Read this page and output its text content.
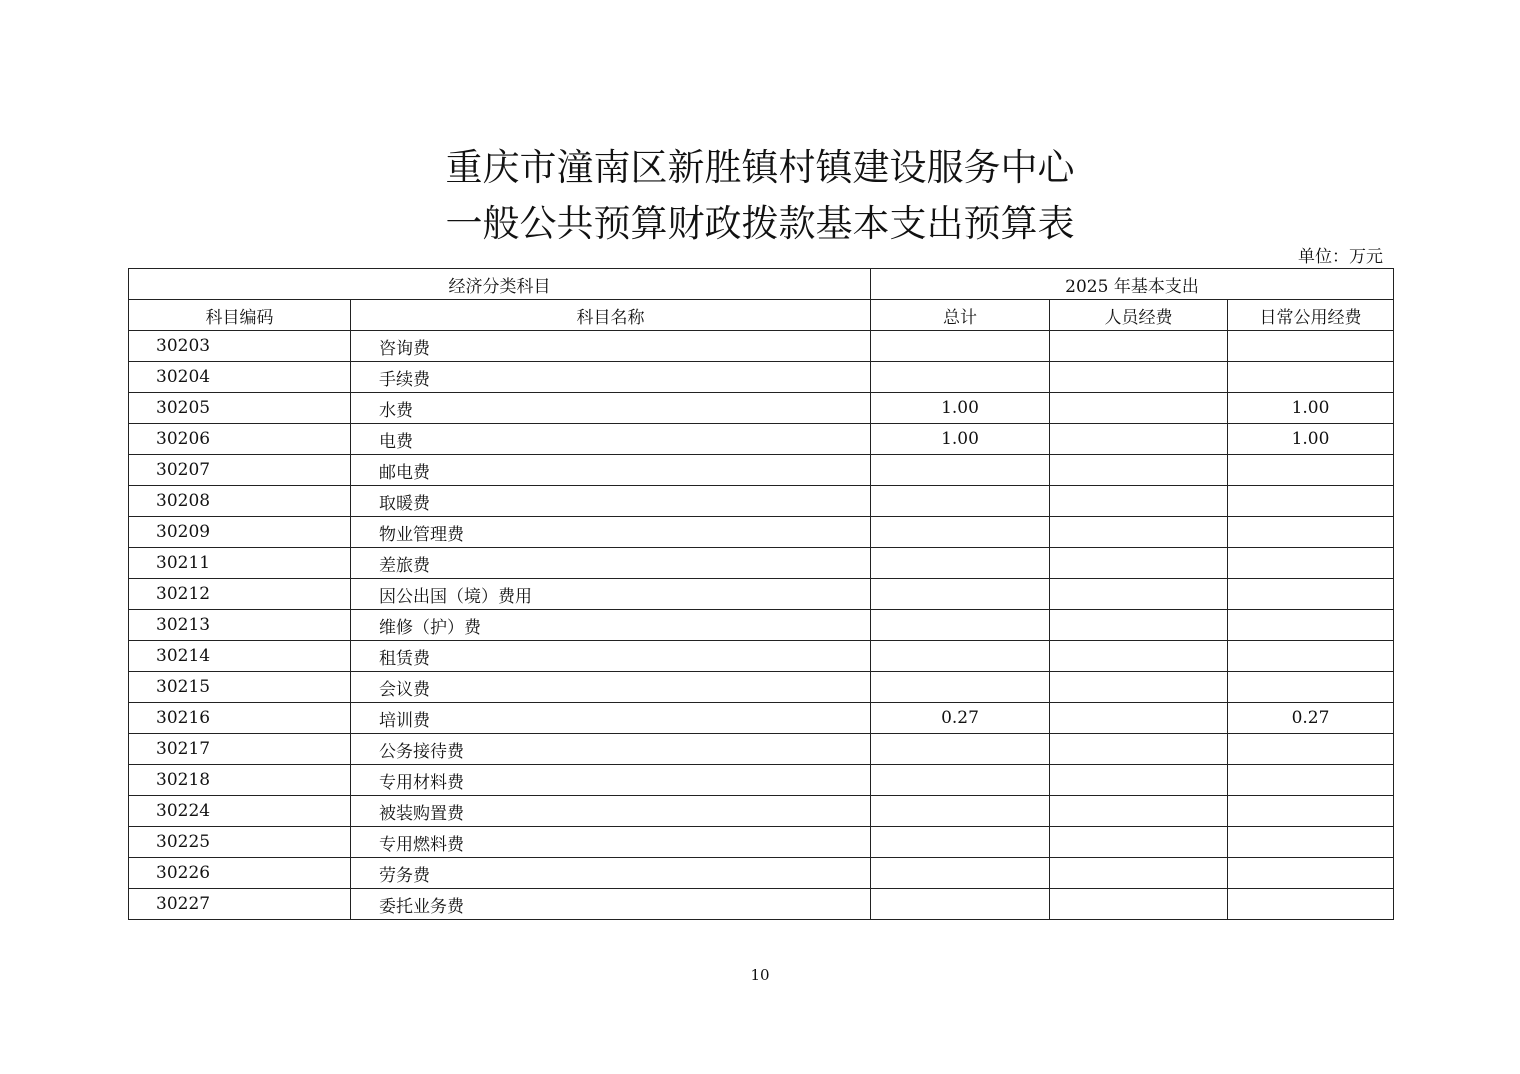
重庆市潼南区新胜镇村镇建设服务中心
一般公共预算财政拨款基本支出预算表
单位：万元
经济分类科目		2025 年基本支出		
科目编码	科目名称	总计	人员经费	日常公用经费
30203	咨询费			
30204	手续费			
30205	水费	1.00		1.00
30206	电费	1.00		1.00
30207	邮电费			
30208	取暖费			
30209	物业管理费			
30211	差旅费			
30212	因公出国（境）费用			
30213	维修（护）费			
30214	租赁费			
30215	会议费			
30216	培训费	0.27		0.27
30217	公务接待费			
30218	专用材料费			
30224	被装购置费			
30225	专用燃料费			
30226	劳务费			
30227	委托业务费			
10
